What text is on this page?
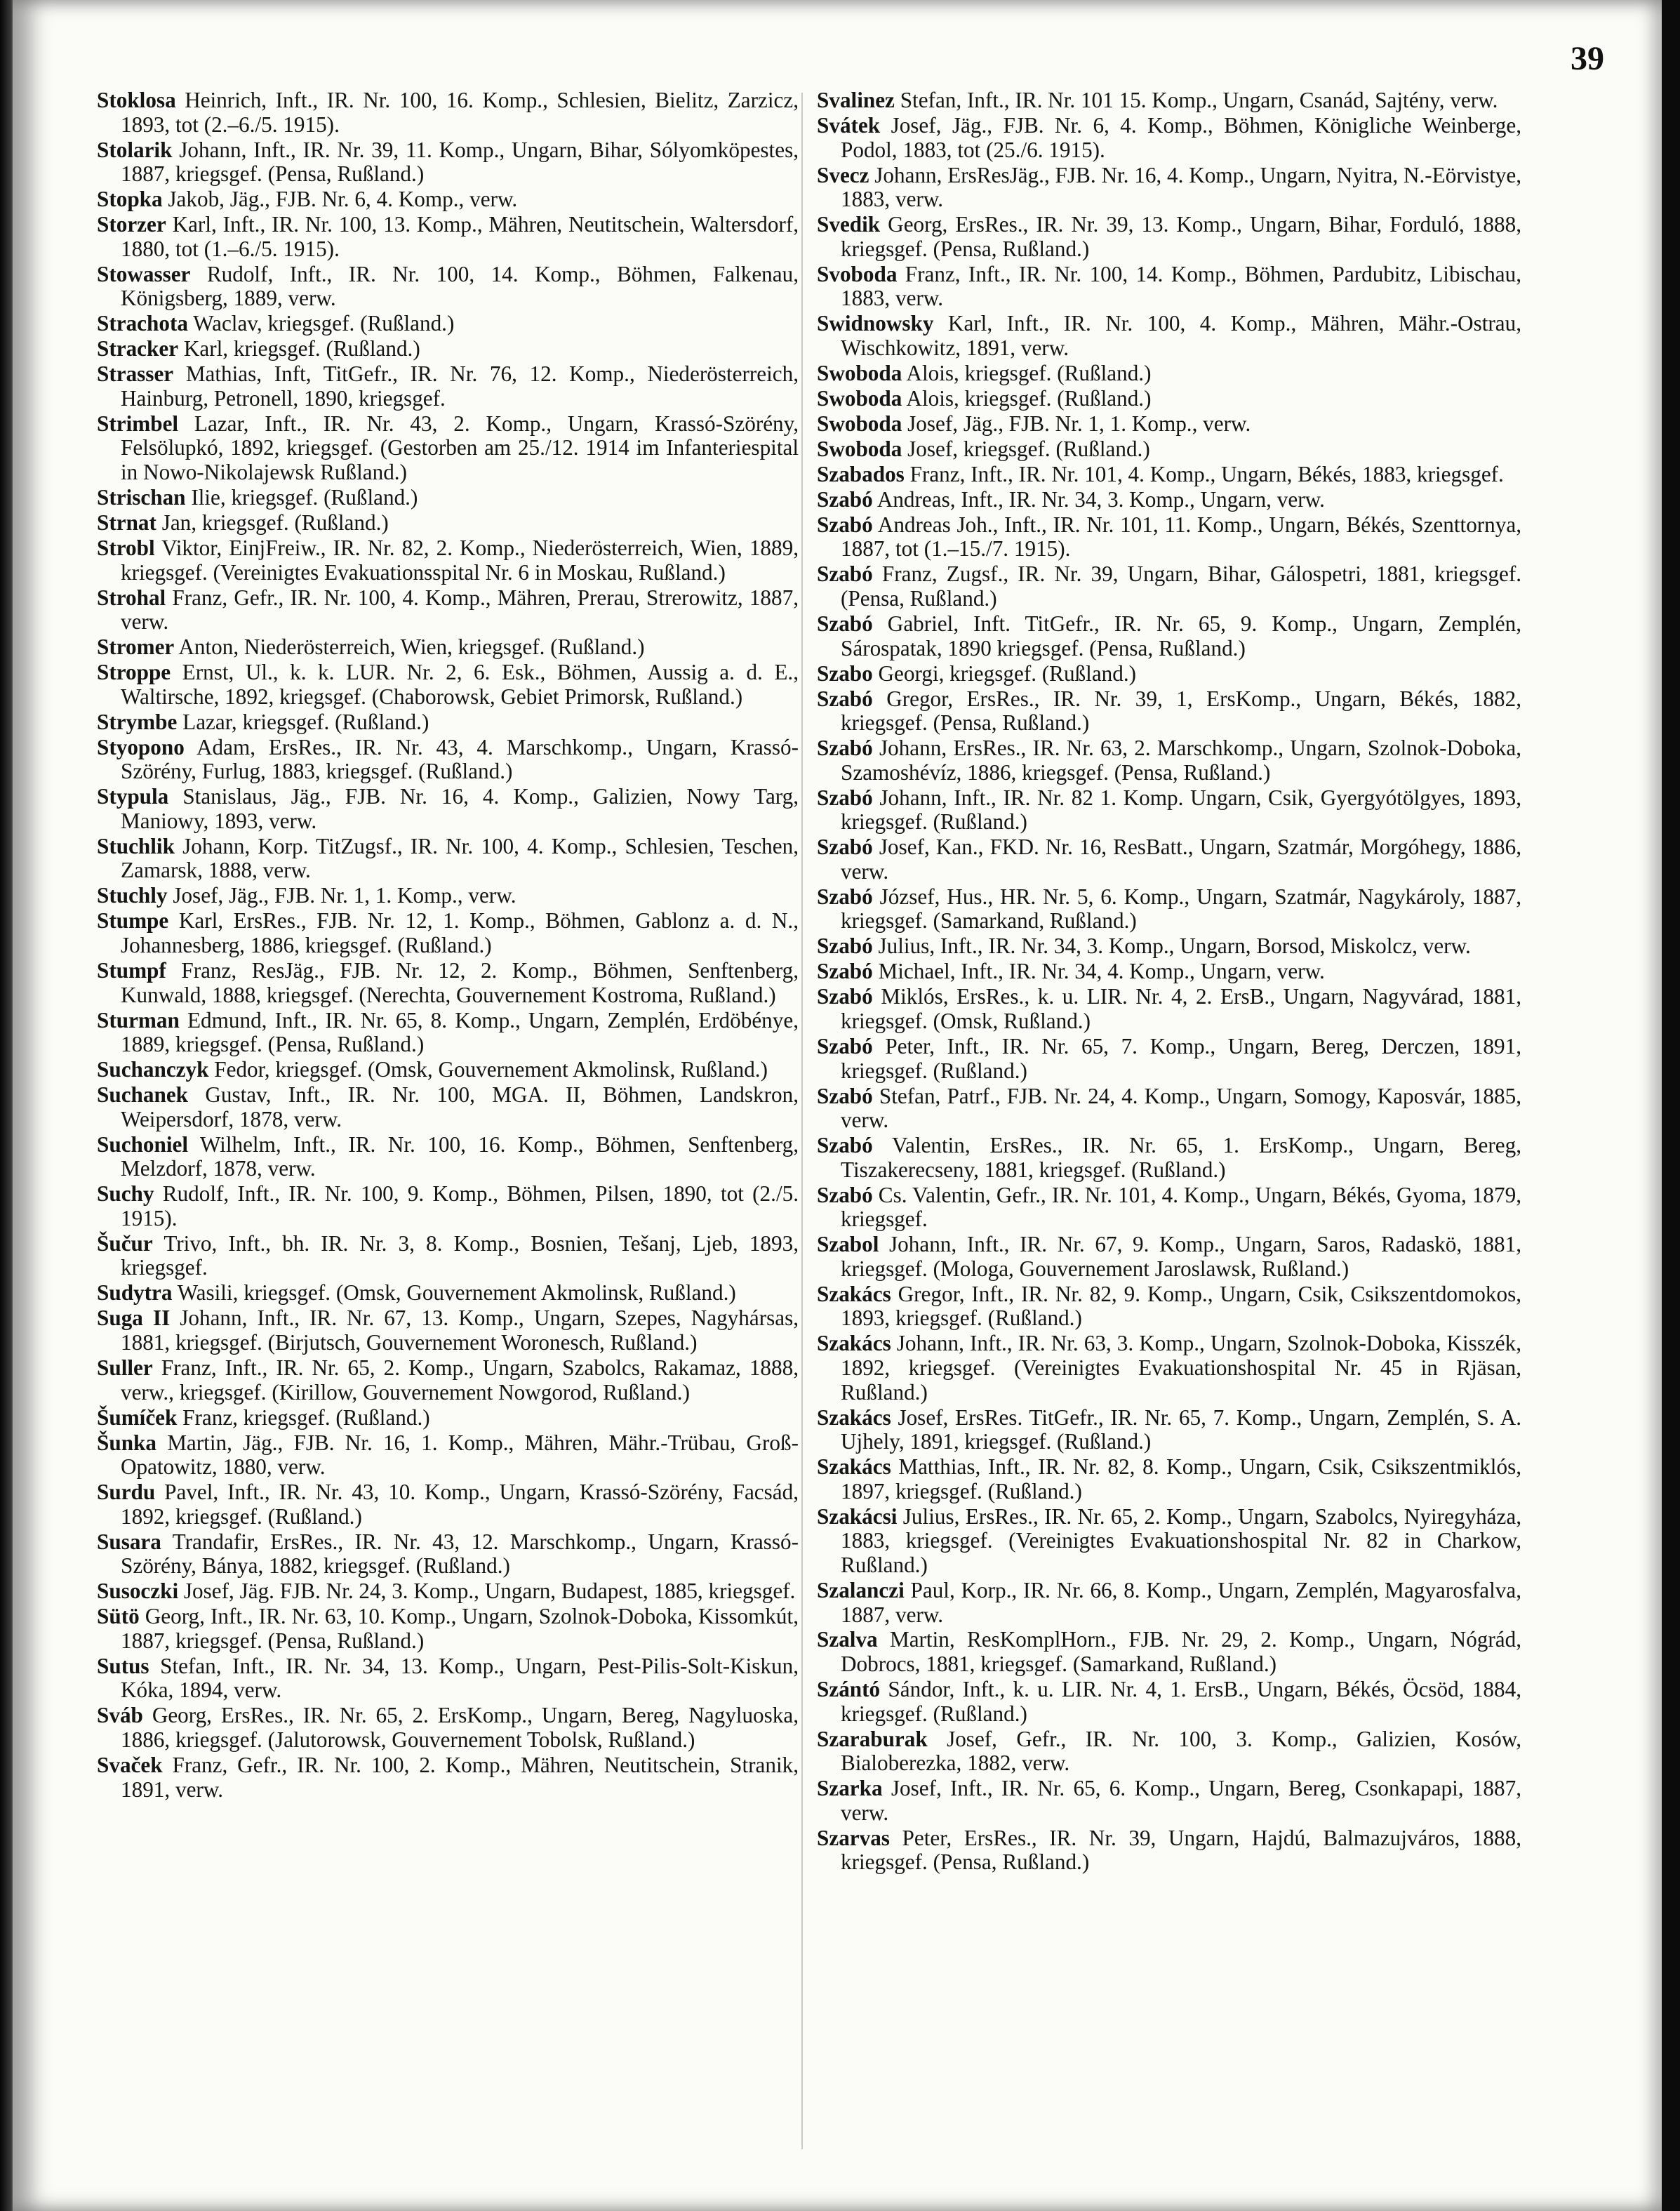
39

Stoklosa Heinrich, Inft., IR. Nr. 100, 16. Komp., Schlesien, Bielitz, Zarzicz, 1893, tot (2.–6./5. 1915).

Stolarik Johann, Inft., IR. Nr. 39, 11. Komp., Ungarn, Bihar, Sólyomköpestes, 1887, kriegsgef. (Pensa, Rußland.)

Stopka Jakob, Jäg., FJB. Nr. 6, 4. Komp., verw.

Storzer Karl, Inft., IR. Nr. 100, 13. Komp., Mähren, Neutitschein, Waltersdorf, 1880, tot (1.–6./5. 1915).

Stowasser Rudolf, Inft., IR. Nr. 100, 14. Komp., Böhmen, Falkenau, Königsberg, 1889, verw.

Strachota Waclav, kriegsgef. (Rußland.)

Stracker Karl, kriegsgef. (Rußland.)

Strasser Mathias, Inft, TitGefr., IR. Nr. 76, 12. Komp., Niederösterreich, Hainburg, Petronell, 1890, kriegsgef.

Strimbel Lazar, Inft., IR. Nr. 43, 2. Komp., Ungarn, Krassó-Szörény, Felsölupkó, 1892, kriegsgef. (Gestorben am 25./12. 1914 im Infanteriespital in Nowo-Nikolajewsk Rußland.)

Strischan Ilie, kriegsgef. (Rußland.)

Strnat Jan, kriegsgef. (Rußland.)

Strobl Viktor, EinjFreiw., IR. Nr. 82, 2. Komp., Niederösterreich, Wien, 1889, kriegsgef. (Vereinigtes Evakuationsspital Nr. 6 in Moskau, Rußland.)

Strohal Franz, Gefr., IR. Nr. 100, 4. Komp., Mähren, Prerau, Strerowitz, 1887, verw.

Stromer Anton, Niederösterreich, Wien, kriegsgef. (Rußland.)

Stroppe Ernst, Ul., k. k. LUR. Nr. 2, 6. Esk., Böhmen, Aussig a. d. E., Waltirsche, 1892, kriegsgef. (Chaborowsk, Gebiet Primorsk, Rußland.)

Strymbe Lazar, kriegsgef. (Rußland.)

Styopono Adam, ErsRes., IR. Nr. 43, 4. Marschkomp., Ungarn, Krassó-Szörény, Furlug, 1883, kriegsgef. (Rußland.)

Stypula Stanislaus, Jäg., FJB. Nr. 16, 4. Komp., Galizien, Nowy Targ, Maniowy, 1893, verw.

Stuchlik Johann, Korp. TitZugsf., IR. Nr. 100, 4. Komp., Schlesien, Teschen, Zamarsk, 1888, verw.

Stuchly Josef, Jäg., FJB. Nr. 1, 1. Komp., verw.

Stumpe Karl, ErsRes., FJB. Nr. 12, 1. Komp., Böhmen, Gablonz a. d. N., Johannesberg, 1886, kriegsgef. (Rußland.)

Stumpf Franz, ResJäg., FJB. Nr. 12, 2. Komp., Böhmen, Senftenberg, Kunwald, 1888, kriegsgef. (Nerechta, Gouvernement Kostroma, Rußland.)

Sturman Edmund, Inft., IR. Nr. 65, 8. Komp., Ungarn, Zemplén, Erdöbénye, 1889, kriegsgef. (Pensa, Rußland.)

Suchanczyk Fedor, kriegsgef. (Omsk, Gouvernement Akmolinsk, Rußland.)

Suchanek Gustav, Inft., IR. Nr. 100, MGA. II, Böhmen, Landskron, Weipersdorf, 1878, verw.

Suchoniel Wilhelm, Inft., IR. Nr. 100, 16. Komp., Böhmen, Senftenberg, Melzdorf, 1878, verw.

Suchy Rudolf, Inft., IR. Nr. 100, 9. Komp., Böhmen, Pilsen, 1890, tot (2./5. 1915).

Šučur Trivo, Inft., bh. IR. Nr. 3, 8. Komp., Bosnien, Tešanj, Ljeb, 1893, kriegsgef.

Sudytra Wasili, kriegsgef. (Omsk, Gouvernement Akmolinsk, Rußland.)

Suga II Johann, Inft., IR. Nr. 67, 13. Komp., Ungarn, Szepes, Nagyhársas, 1881, kriegsgef. (Birjutsch, Gouvernement Woronesch, Rußland.)

Suller Franz, Inft., IR. Nr. 65, 2. Komp., Ungarn, Szabolcs, Rakamaz, 1888, verw., kriegsgef. (Kirillow, Gouvernement Nowgorod, Rußland.)

Šumíček Franz, kriegsgef. (Rußland.)

Šunka Martin, Jäg., FJB. Nr. 16, 1. Komp., Mähren, Mähr.-Trübau, Groß-Opatowitz, 1880, verw.

Surdu Pavel, Inft., IR. Nr. 43, 10. Komp., Ungarn, Krassó-Szörény, Facsád, 1892, kriegsgef. (Rußland.)

Susara Trandafir, ErsRes., IR. Nr. 43, 12. Marschkomp., Ungarn, Krassó-Szörény, Bánya, 1882, kriegsgef. (Rußland.)

Susoczki Josef, Jäg. FJB. Nr. 24, 3. Komp., Ungarn, Budapest, 1885, kriegsgef.

Sütö Georg, Inft., IR. Nr. 63, 10. Komp., Ungarn, Szolnok-Doboka, Kissomkút, 1887, kriegsgef. (Pensa, Rußland.)

Sutus Stefan, Inft., IR. Nr. 34, 13. Komp., Ungarn, Pest-Pilis-Solt-Kiskun, Kóka, 1894, verw.

Sváb Georg, ErsRes., IR. Nr. 65, 2. ErsKomp., Ungarn, Bereg, Nagyluoska, 1886, kriegsgef. (Jalutorowsk, Gouvernement Tobolsk, Rußland.)

Svaček Franz, Gefr., IR. Nr. 100, 2. Komp., Mähren, Neutitschein, Stranik, 1891, verw.

Svalinez Stefan, Inft., IR. Nr. 101 15. Komp., Ungarn, Csanád, Sajtény, verw.

Svátek Josef, Jäg., FJB. Nr. 6, 4. Komp., Böhmen, Königliche Weinberge, Podol, 1883, tot (25./6. 1915).

Svecz Johann, ErsResJäg., FJB. Nr. 16, 4. Komp., Ungarn, Nyitra, N.-Eörvistye, 1883, verw.

Svedik Georg, ErsRes., IR. Nr. 39, 13. Komp., Ungarn, Bihar, Forduló, 1888, kriegsgef. (Pensa, Rußland.)

Svoboda Franz, Inft., IR. Nr. 100, 14. Komp., Böhmen, Pardubitz, Libischau, 1883, verw.

Swidnowsky Karl, Inft., IR. Nr. 100, 4. Komp., Mähren, Mähr.-Ostrau, Wischkowitz, 1891, verw.

Swoboda Alois, kriegsgef. (Rußland.)

Swoboda Alois, kriegsgef. (Rußland.)

Swoboda Josef, Jäg., FJB. Nr. 1, 1. Komp., verw.

Swoboda Josef, kriegsgef. (Rußland.)

Szabados Franz, Inft., IR. Nr. 101, 4. Komp., Ungarn, Békés, 1883, kriegsgef.

Szabó Andreas, Inft., IR. Nr. 34, 3. Komp., Ungarn, verw.

Szabó Andreas Joh., Inft., IR. Nr. 101, 11. Komp., Ungarn, Békés, Szenttornya, 1887, tot (1.–15./7. 1915).

Szabó Franz, Zugsf., IR. Nr. 39, Ungarn, Bihar, Gálospetri, 1881, kriegsgef. (Pensa, Rußland.)

Szabó Gabriel, Inft. TitGefr., IR. Nr. 65, 9. Komp., Ungarn, Zemplén, Sárospatak, 1890 kriegsgef. (Pensa, Rußland.)

Szabo Georgi, kriegsgef. (Rußland.)

Szabó Gregor, ErsRes., IR. Nr. 39, 1, ErsKomp., Ungarn, Békés, 1882, kriegsgef. (Pensa, Rußland.)

Szabó Johann, ErsRes., IR. Nr. 63, 2. Marschkomp., Ungarn, Szolnok-Doboka, Szamoshévíz, 1886, kriegsgef. (Pensa, Rußland.)

Szabó Johann, Inft., IR. Nr. 82 1. Komp. Ungarn, Csik, Gyergyótölgyes, 1893, kriegsgef. (Rußland.)

Szabó Josef, Kan., FKD. Nr. 16, ResBatt., Ungarn, Szatmár, Morgóhegy, 1886, verw.

Szabó József, Hus., HR. Nr. 5, 6. Komp., Ungarn, Szatmár, Nagykároly, 1887, kriegsgef. (Samarkand, Rußland.)

Szabó Julius, Inft., IR. Nr. 34, 3. Komp., Ungarn, Borsod, Miskolcz, verw.

Szabó Michael, Inft., IR. Nr. 34, 4. Komp., Ungarn, verw.

Szabó Miklós, ErsRes., k. u. LIR. Nr. 4, 2. ErsB., Ungarn, Nagyvárad, 1881, kriegsgef. (Omsk, Rußland.)

Szabó Peter, Inft., IR. Nr. 65, 7. Komp., Ungarn, Bereg, Derczen, 1891, kriegsgef. (Rußland.)

Szabó Stefan, Patrf., FJB. Nr. 24, 4. Komp., Ungarn, Somogy, Kaposvár, 1885, verw.

Szabó Valentin, ErsRes., IR. Nr. 65, 1. ErsKomp., Ungarn, Bereg, Tiszakerecseny, 1881, kriegsgef. (Rußland.)

Szabó Cs. Valentin, Gefr., IR. Nr. 101, 4. Komp., Ungarn, Békés, Gyoma, 1879, kriegsgef.

Szabol Johann, Inft., IR. Nr. 67, 9. Komp., Ungarn, Saros, Radaskö, 1881, kriegsgef. (Mologa, Gouvernement Jaroslawsk, Rußland.)

Szakács Gregor, Inft., IR. Nr. 82, 9. Komp., Ungarn, Csik, Csikszentdomokos, 1893, kriegsgef. (Rußland.)

Szakács Johann, Inft., IR. Nr. 63, 3. Komp., Ungarn, Szolnok-Doboka, Kisszék, 1892, kriegsgef. (Vereinigtes Evakuationshospital Nr. 45 in Rjäsan, Rußland.)

Szakács Josef, ErsRes. TitGefr., IR. Nr. 65, 7. Komp., Ungarn, Zemplén, S. A. Ujhely, 1891, kriegsgef. (Rußland.)

Szakács Matthias, Inft., IR. Nr. 82, 8. Komp., Ungarn, Csik, Csikszentmiklós, 1897, kriegsgef. (Rußland.)

Szakácsi Julius, ErsRes., IR. Nr. 65, 2. Komp., Ungarn, Szabolcs, Nyiregyháza, 1883, kriegsgef. (Vereinigtes Evakuationshospital Nr. 82 in Charkow, Rußland.)

Szalanczi Paul, Korp., IR. Nr. 66, 8. Komp., Ungarn, Zemplén, Magyarosfalva, 1887, verw.

Szalva Martin, ResKomplHorn., FJB. Nr. 29, 2. Komp., Ungarn, Nógrád, Dobrocs, 1881, kriegsgef. (Samarkand, Rußland.)

Szántó Sándor, Inft., k. u. LIR. Nr. 4, 1. ErsB., Ungarn, Békés, Öcsöd, 1884, kriegsgef. (Rußland.)

Szaraburak Josef, Gefr., IR. Nr. 100, 3. Komp., Galizien, Kosów, Bialoberezka, 1882, verw.

Szarka Josef, Inft., IR. Nr. 65, 6. Komp., Ungarn, Bereg, Csonkapapi, 1887, verw.

Szarvas Peter, ErsRes., IR. Nr. 39, Ungarn, Hajdú, Balmazujváros, 1888, kriegsgef. (Pensa, Rußland.)
